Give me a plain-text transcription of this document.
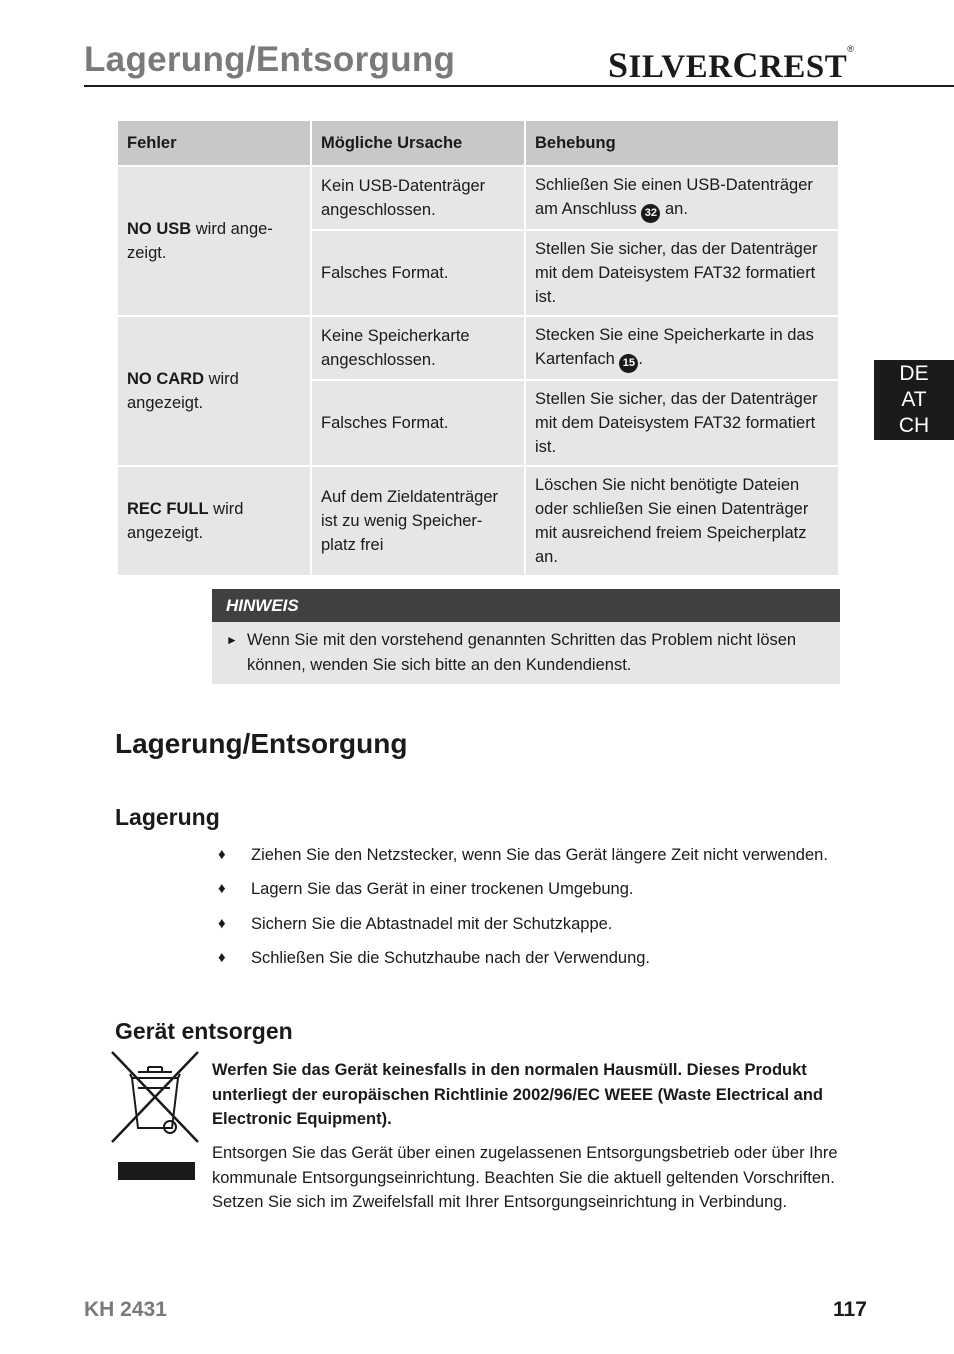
Lagerung/Entsorgung	SILVERCREST®
DE
AT
CH
Fehler	Mögliche Ursache	Behebung
NO USB wird ange-zeigt.	Kein USB-Datenträger angeschlossen.	Schließen Sie einen USB-Datenträger am Anschluss 32 an.
	Falsches Format.	Stellen Sie sicher, das der Datenträger mit dem Dateisystem FAT32 formatiert ist.
NO CARD wird angezeigt.	Keine Speicherkarte angeschlossen.	Stecken Sie eine Speicherkarte in das Kartenfach 15 .
	Falsches Format.	Stellen Sie sicher, das der Datenträger mit dem Dateisystem FAT32 formatiert ist.
REC FULL wird angezeigt.	Auf dem Zieldatenträger ist zu wenig Speicher-platz frei	Löschen Sie nicht benötigte Dateien oder schließen Sie einen Datenträger mit ausreichend freiem Speicherplatz an.
HINWEIS
► Wenn Sie mit den vorstehend genannten Schritten das Problem nicht lösen können, wenden Sie sich bitte an den Kundendienst.
Lagerung/Entsorgung
Lagerung
♦	Ziehen Sie den Netzstecker, wenn Sie das Gerät längere Zeit nicht verwenden.
♦	Lagern Sie das Gerät in einer trockenen Umgebung.
♦	Sichern Sie die Abtastnadel mit der Schutzkappe.
♦	Schließen Sie die Schutzhaube nach der Verwendung.
Gerät entsorgen
Werfen Sie das Gerät keinesfalls in den normalen Hausmüll. Dieses Produkt unterliegt der europäischen Richtlinie 2002/96/EC WEEE (Waste Electrical and Electronic Equipment).
Entsorgen Sie das Gerät über einen zugelassenen Entsorgungsbetrieb oder über Ihre kommunale Entsorgungseinrichtung. Beachten Sie die aktuell geltenden Vorschriften. Setzen Sie sich im Zweifelsfall mit Ihrer Entsorgungseinrichtung in Verbindung.
KH 2431	117
